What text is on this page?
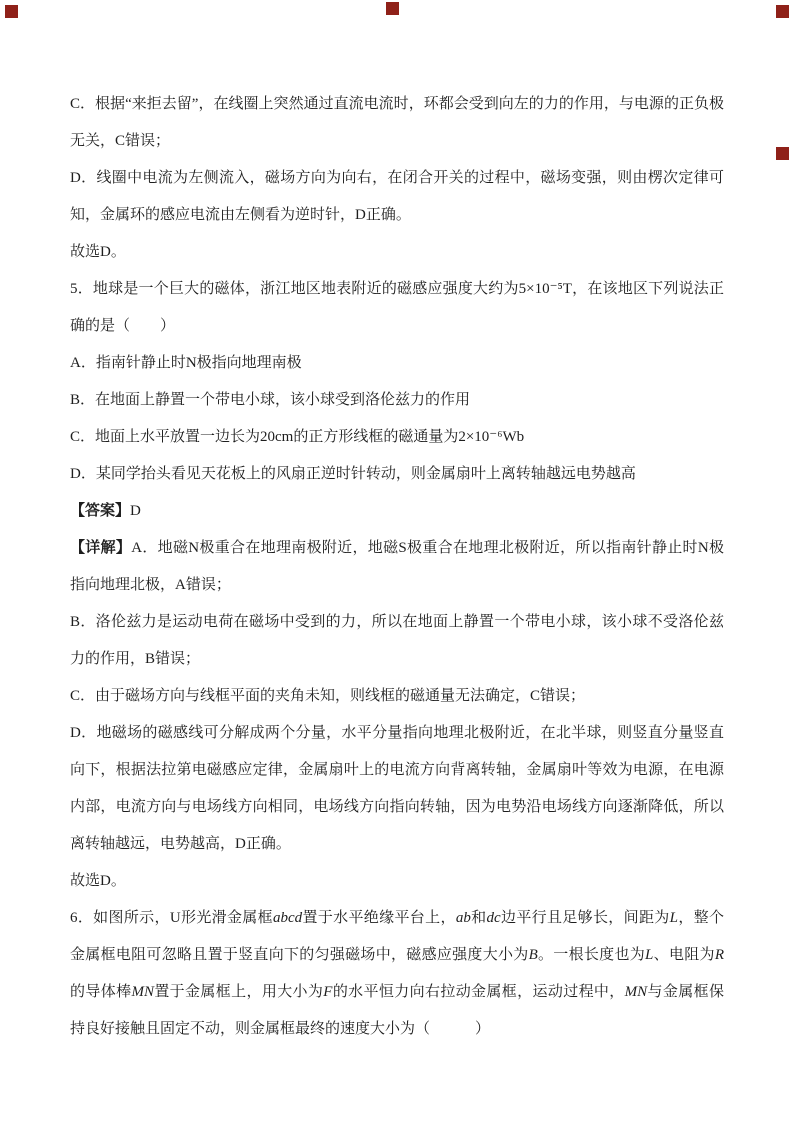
C．根据“来拒去留”，在线圈上突然通过直流电流时，环都会受到向左的力的作用，与电源的正负极无关，C错误；

D．线圈中电流为左侧流入，磁场方向为向右，在闭合开关的过程中，磁场变强，则由楞次定律可知，金属环的感应电流由左侧看为逆时针，D正确。

故选D。

5．地球是一个巨大的磁体，浙江地区地表附近的磁感应强度大约为5×10⁻⁵T，在该地区下列说法正确的是（　　）

A．指南针静止时N极指向地理南极

B．在地面上静置一个带电小球，该小球受到洛伦兹力的作用

C．地面上水平放置一边长为20cm的正方形线框的磁通量为2×10⁻⁶Wb

D．某同学抬头看见天花板上的风扇正逆时针转动，则金属扇叶上离转轴越远电势越高

【答案】D

【详解】A．地磁N极重合在地理南极附近，地磁S极重合在地理北极附近，所以指南针静止时N极指向地理北极，A错误；

B．洛伦兹力是运动电荷在磁场中受到的力，所以在地面上静置一个带电小球，该小球不受洛伦兹力的作用，B错误；

C．由于磁场方向与线框平面的夹角未知，则线框的磁通量无法确定，C错误；

D．地磁场的磁感线可分解成两个分量，水平分量指向地理北极附近，在北半球，则竖直分量竖直向下，根据法拉第电磁感应定律，金属扇叶上的电流方向背离转轴，金属扇叶等效为电源，在电源内部，电流方向与电场线方向相同，电场线方向指向转轴，因为电势沿电场线方向逐渐降低，所以离转轴越远，电势越高，D正确。

故选D。

6．如图所示，U形光滑金属框abcd置于水平绝缘平台上，ab和dc边平行且足够长，间距为L，整个金属框电阻可忽略且置于竖直向下的匀强磁场中，磁感应强度大小为B。一根长度也为L、电阻为R的导体棒MN置于金属框上，用大小为F的水平恒力向右拉动金属框，运动过程中，MN与金属框保持良好接触且固定不动，则金属框最终的速度大小为（　　　）
